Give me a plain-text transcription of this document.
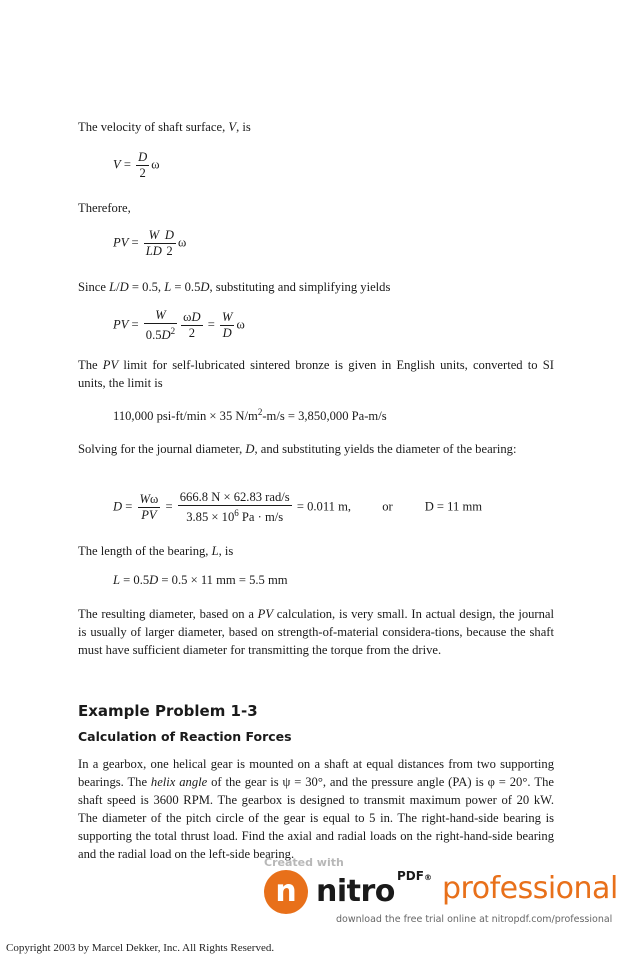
The velocity of shaft surface, V, is
$V = \frac{D}{2}$ ω
Therefore,
PV = $\frac{W}{LD} \frac{D}{2}$ ω
Since L/D = 0.5, L = 0.5D, substituting and simplifying yields
PV = $\frac{W}{0.5D^2} \frac{\omega D}{2} = \frac{W}{D}$ ω
The PV limit for self-lubricated sintered bronze is given in English units, converted to SI units, the limit is
110,000 psi-ft/min × 35 $N/m^2-m/s = 3,850,000$ Pa-m/s
Solving for the journal diameter, D, and substituting yields the diameter of the bearing:
$D = \frac{W\omega}{PV} = \frac{\text{666.8 N × 62.83 rad/s}}{3.85 \times 10^6 Pa \cdot m/s} = 0.011$ m, or	D = 11 mm
The length of the bearing, L, is
L = 0.5D = 0.5 × 11 mm = 5.5 mm
The resulting diameter, based on a PV calculation, is very small. In actual design, the journal is usually of larger diameter, based on strength-of-material considera-tions, because the shaft must have sufficient diameter for transmitting the torque from the drive.
Example Problem 1-3
Calculation of Reaction Forces
In a gearbox, one helical gear is mounted on a shaft at equal distances from two supporting bearings. The helix angle of the gear is ψ = 30°, and the pressure angle (PA) is φ = 20°. The shaft speed is 3600 RPM. The gearbox is designed to transmit maximum power of 20 kW. The diameter of the pitch circle of the gear is equal to 5 in. The right-hand-side bearing is supporting the total thrust load. Find the axial and radial loads on the right-hand-side bearing and the radial load on the left-side bearing.
Created with
n nitro PDF® professional
download the free trial online at nitropdf.com/professional
Copyright 2003 by Marcel Dekker, Inc. All Rights Reserved.
